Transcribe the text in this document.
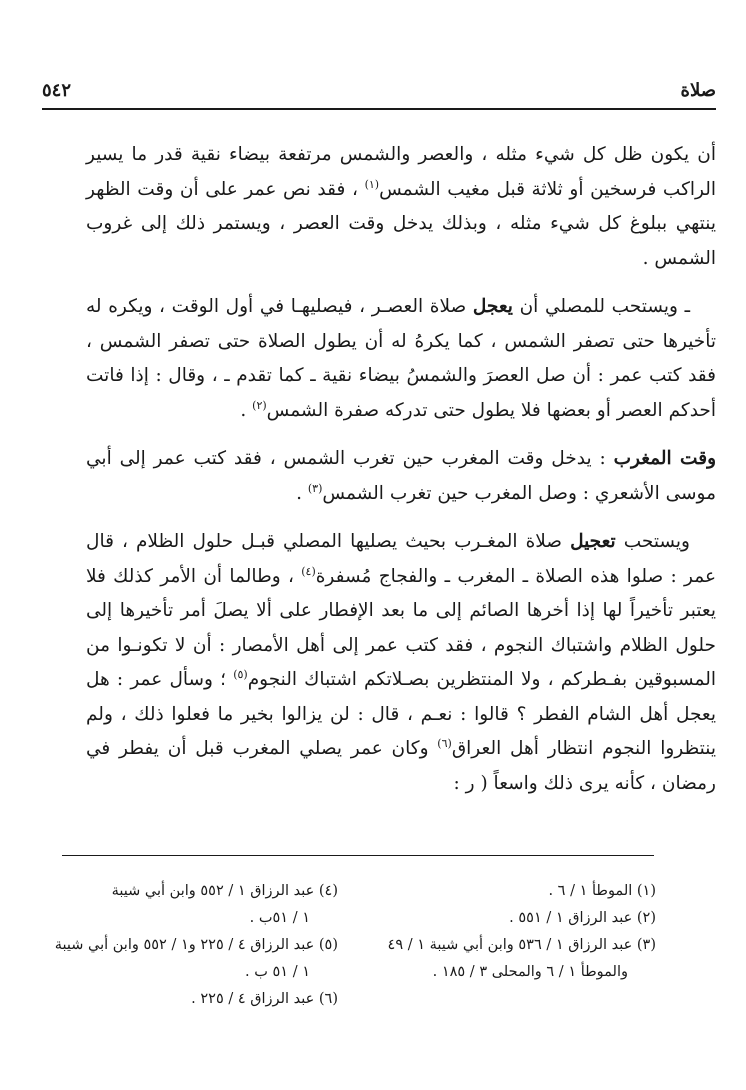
صلاة
٥٤٢

أن يكون ظل كل شيء مثله ، والعصر والشمس مرتفعة بيضاء نقية قدر ما يسير الراكب فرسخين أو ثلاثة قبل مغيب الشمس$^{(١)}$ ، فقد نص عمر على أن وقت الظهر ينتهي ببلوغ كل شيء مثله ، وبذلك يدخل وقت العصر ، ويستمر ذلك إلى غروب الشمس .

ـ ويستحب للمصلي أن يعجل صلاة العصـر ، فيصليهـا في أول الوقت ، ويكره له تأخيرها حتى تصفر الشمس ، كما يكرهُ له أن يطول الصلاة حتى تصفر الشمس ، فقد كتب عمر : أن صل العصرَ والشمسُ بيضاء نقية ـ كما تقدم ـ ، وقال : إذا فاتت أحدكم العصر أو بعضها فلا يطول حتى تدركه صفرة الشمس$^{(٢)}$ .

وقت المغرب : يدخل وقت المغرب حين تغرب الشمس ، فقد كتب عمر إلى أبي موسى الأشعري : وصل المغرب حين تغرب الشمس$^{(٣)}$ .

ويستحب تعجيل صلاة المغـرب بحيث يصليها المصلي قبـل حلول الظلام ، قال عمر : صلوا هذه الصلاة ـ المغرب ـ والفجاج مُسفرة$^{(٤)}$ ، وطالما أن الأمر كذلك فلا يعتبر تأخيراً لها إذا أخرها الصائم إلى ما بعد الإفطار على ألا يصلَ أمر تأخيرها إلى حلول الظلام واشتباك النجوم ، فقد كتب عمر إلى أهل الأمصار : أن لا تكونـوا من المسبوقين بفـطركم ، ولا المنتظرين بصـلاتكم اشتباك النجوم$^{(٥)}$ ؛ وسأل عمر : هل يعجل أهل الشام الفطر ؟ قالوا : نعـم ، قال : لن يزالوا بخير ما فعلوا ذلك ، ولم ينتظروا النجوم انتظار أهل العراق$^{(٦)}$ وكان عمر يصلي المغرب قبل أن يفطر في رمضان ، كأنه يرى ذلك واسعاً ( ر :

(١) الموطأ ١ / ٦ .

(٢) عبد الرزاق ١ / ٥٥١ .

(٣) عبد الرزاق ١ / ٥٣٦ وابن أبي شيبة ١ / ٤٩
والموطأ ١ / ٦ والمحلى ٣ / ١٨٥ .

(٤) عبد الرزاق ١ / ٥٥٢ وابن أبي شيبة
١ / ٥١ب .

(٥) عبد الرزاق ٤ / ٢٢٥ و١ / ٥٥٢ وابن أبي شيبة
١ / ٥١ ب .

(٦) عبد الرزاق ٤ / ٢٢٥ .
